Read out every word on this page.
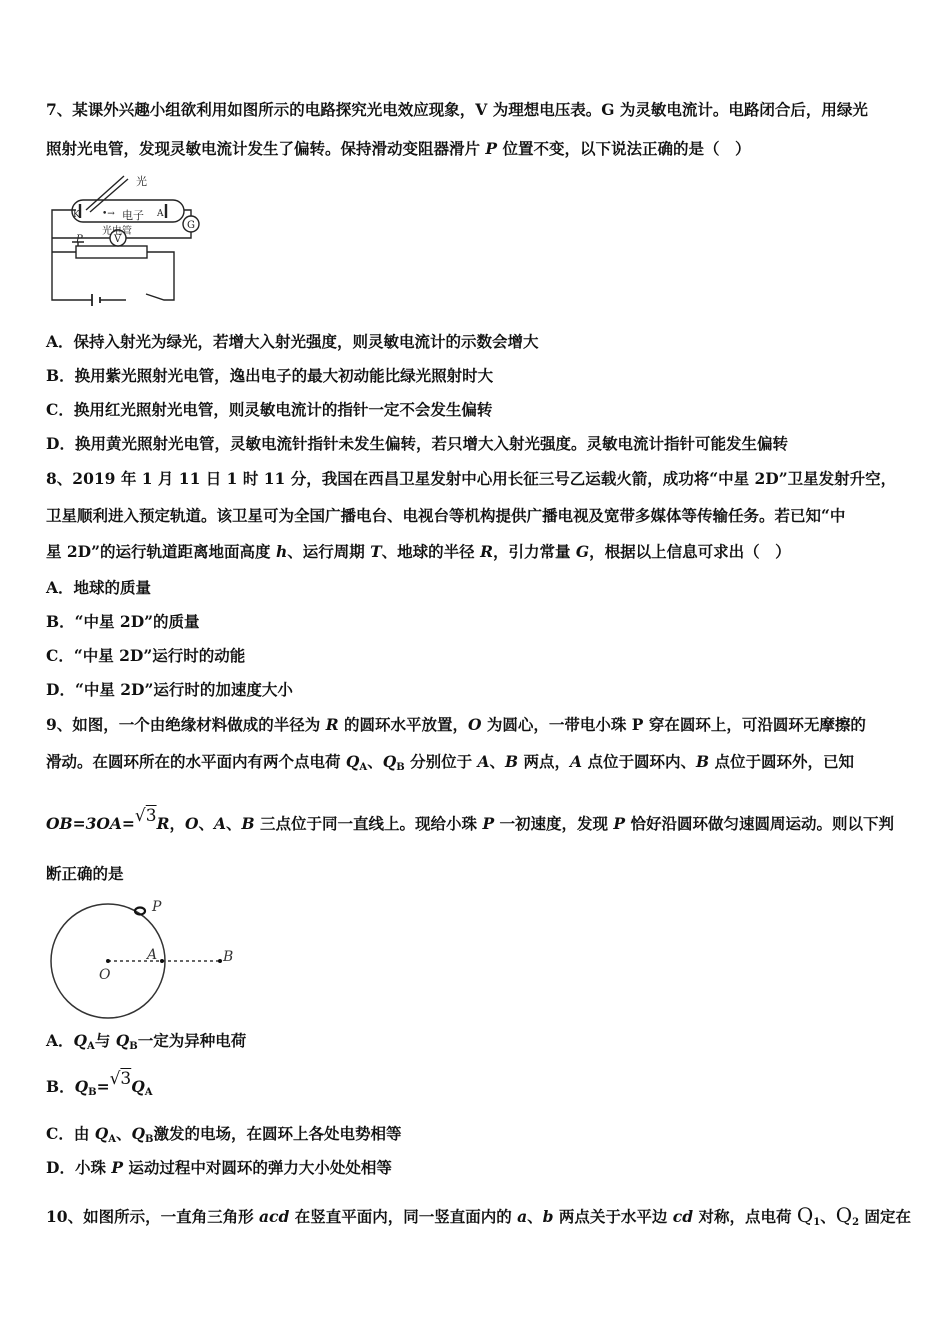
7、某课外兴趣小组欲利用如图所示的电路探究光电效应现象，V 为理想电压表。G 为灵敏电流计。电路闭合后，用绿光
照射光电管，发现灵敏电流计发生了偏转。保持滑动变阻器滑片 P 位置不变，以下说法正确的是（　）
光
电子
光电管
K	A
G
V
P
•→
A．保持入射光为绿光，若增大入射光强度，则灵敏电流计的示数会增大
B．换用紫光照射光电管，逸出电子的最大初动能比绿光照射时大
C．换用红光照射光电管，则灵敏电流计的指针一定不会发生偏转
D．换用黄光照射光电管，灵敏电流针指针未发生偏转，若只增大入射光强度。灵敏电流计指针可能发生偏转
8、2019 年 1 月 11 日 1 时 11 分，我国在西昌卫星发射中心用长征三号乙运载火箭，成功将“中星 2D”卫星发射升空，
卫星顺利进入预定轨道。该卫星可为全国广播电台、电视台等机构提供广播电视及宽带多媒体等传输任务。若已知“中
星 2D”的运行轨道距离地面高度 h、运行周期 T、地球的半径 R，引力常量 G，根据以上信息可求出（　）
A．地球的质量
B．“中星 2D”的质量
C．“中星 2D”运行时的动能
D．“中星 2D”运行时的加速度大小
9、如图，一个由绝缘材料做成的半径为 R 的圆环水平放置，O 为圆心，一带电小珠 P 穿在圆环上，可沿圆环无摩擦的
滑动。在圆环所在的水平面内有两个点电荷 $Q_A$、$Q_B$ 分别位于 A、B 两点，A 点位于圆环内、B 点位于圆环外，已知
OB=3OA=√3R，O、A、B 三点位于同一直线上。现给小珠 P 一初速度，发现 P 恰好沿圆环做匀速圆周运动。则以下判
断正确的是
P
O
A	B
A．$Q_A$与 $Q_B$一定为异种电荷
B．$Q_B=√3Q_A$
C．由 $Q_A$、$Q_B$激发的电场，在圆环上各处电势相等
D．小珠 P 运动过程中对圆环的弹力大小处处相等
10、如图所示，一直角三角形 acd 在竖直平面内，同一竖直面内的 a、b 两点关于水平边 cd 对称，点电荷 $Q_1$、$Q_2$ 固定在
